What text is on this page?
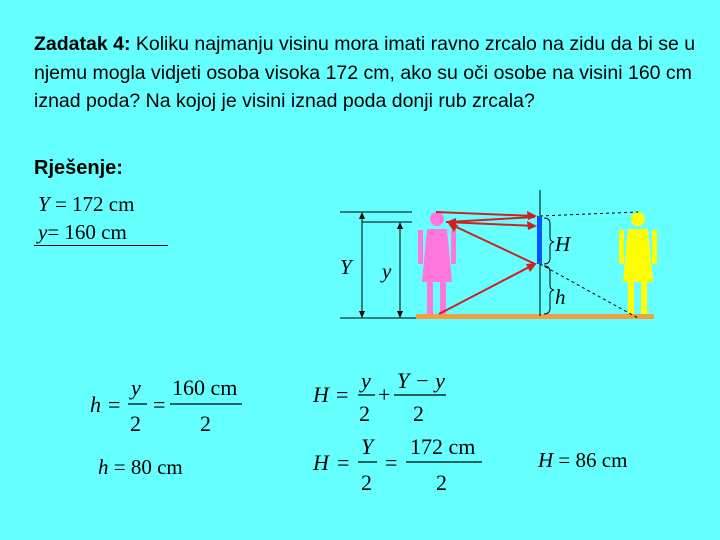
Zadatak 4: Koliku najmanju visinu mora imati ravno zrcalo na zidu da bi se u njemu mogla vidjeti osoba visoka 172 cm, ako su oči osobe na visini 160 cm iznad poda? Na kojoj je visini iznad poda donji rub zrcala?
Rješenje:
Y = 172 cm
y= 160 cm
Y y
H
h
h =
y
2
=
160 cm
2
H =
y
2
+
Y − y
2
H =
Y
2
=
172 cm
2
h = 80 cm	H = 86 cm
